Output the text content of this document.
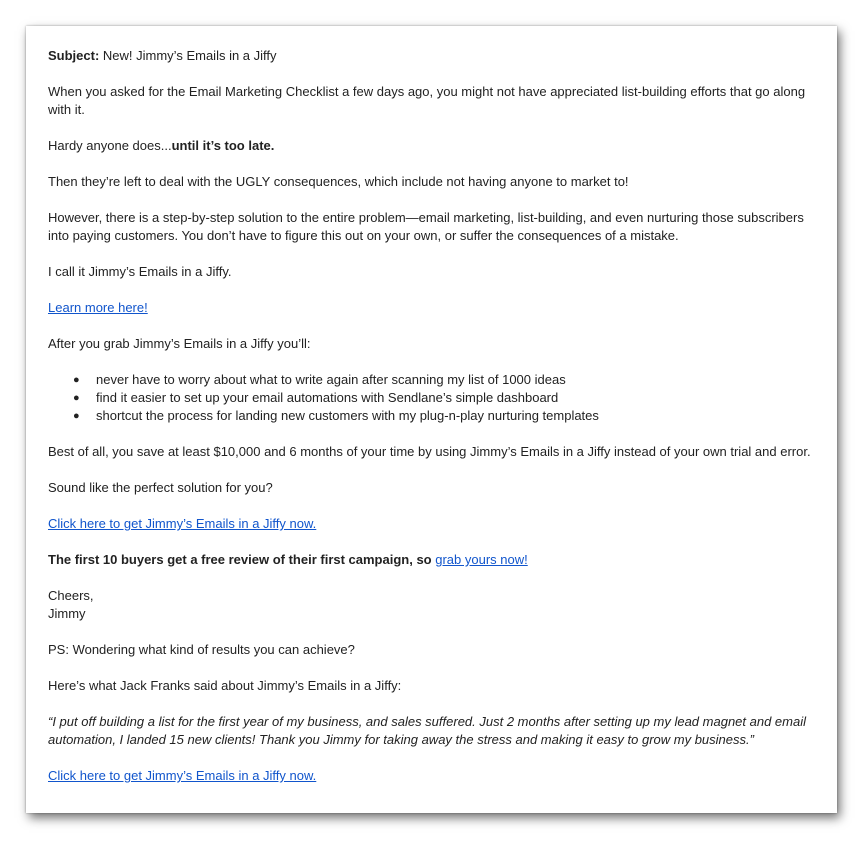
Subject: New! Jimmy’s Emails in a Jiffy

When you asked for the Email Marketing Checklist a few days ago, you might not have appreciated list-building efforts that go along with it.

Hardy anyone does...until it’s too late.

Then they’re left to deal with the UGLY consequences, which include not having anyone to market to!

However, there is a step-by-step solution to the entire problem—email marketing, list-building, and even nurturing those subscribers into paying customers. You don’t have to figure this out on your own, or suffer the consequences of a mistake.

I call it Jimmy’s Emails in a Jiffy.

Learn more here!

After you grab Jimmy’s Emails in a Jiffy you’ll:

● never have to worry about what to write again after scanning my list of 1000 ideas
● find it easier to set up your email automations with Sendlane’s simple dashboard
● shortcut the process for landing new customers with my plug-n-play nurturing templates

Best of all, you save at least $10,000 and 6 months of your time by using Jimmy’s Emails in a Jiffy instead of your own trial and error.

Sound like the perfect solution for you?

Click here to get Jimmy’s Emails in a Jiffy now.

The first 10 buyers get a free review of their first campaign, so grab yours now!

Cheers,
Jimmy

PS: Wondering what kind of results you can achieve?

Here’s what Jack Franks said about Jimmy’s Emails in a Jiffy:

“I put off building a list for the first year of my business, and sales suffered. Just 2 months after setting up my lead magnet and email automation, I landed 15 new clients! Thank you Jimmy for taking away the stress and making it easy to grow my business.”

Click here to get Jimmy’s Emails in a Jiffy now.
